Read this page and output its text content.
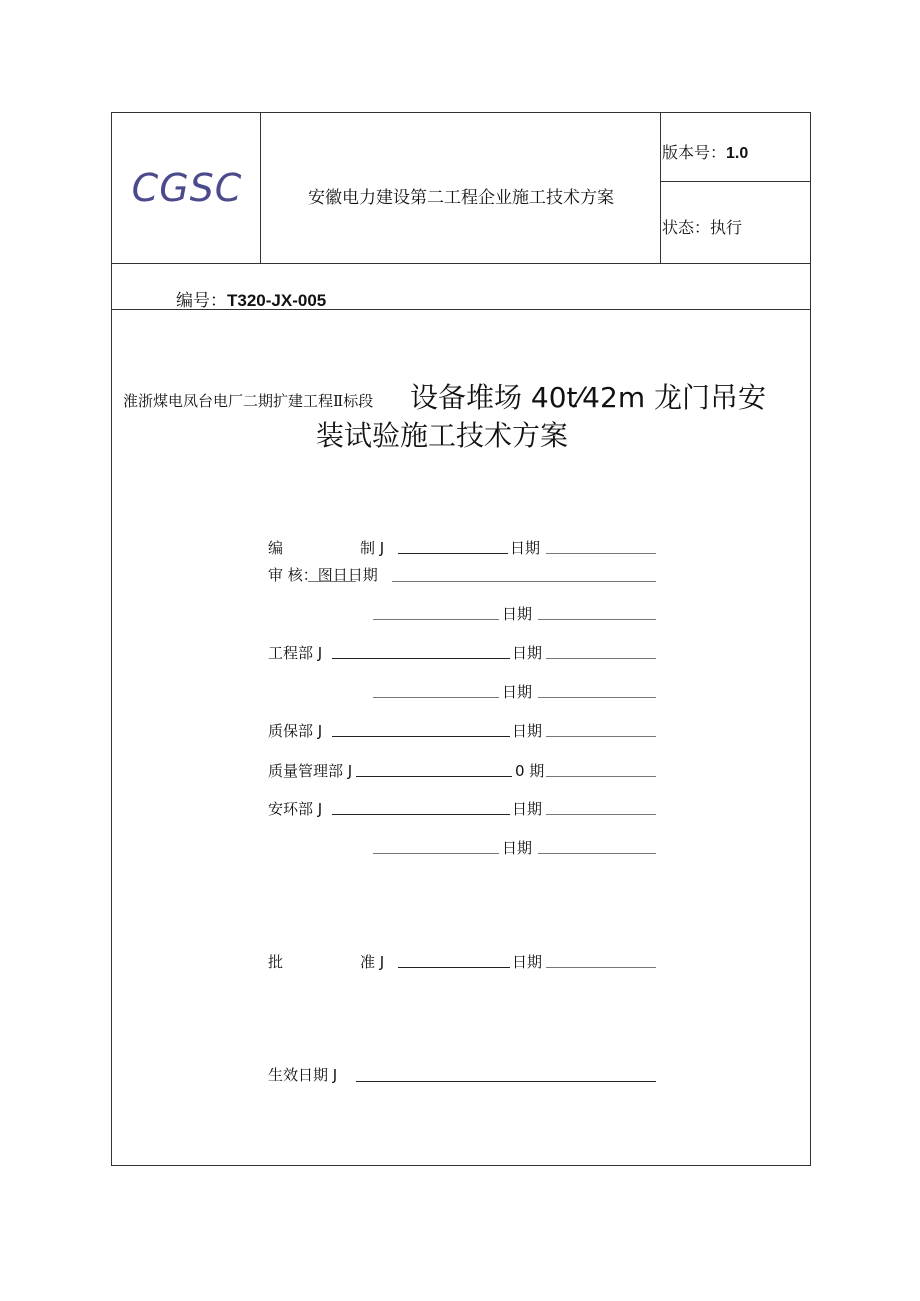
CGSC	安徽电力建设第二工程企业施工技术方案
版本号：1.0
状态：执行
编号：T320-JX-005
淮浙煤电凤台电厂二期扩建工程Ⅱ标段 设备堆场 40t⁄42m 龙门吊安
装试验施工技术方案
编	制 J	日期
审 核：图日日期
日期
工程部 J	日期
日期
质保部 J	日期
质量管理部 J	0 期
安环部 J	日期
日期
批	准 J	日期
生效日期 J
